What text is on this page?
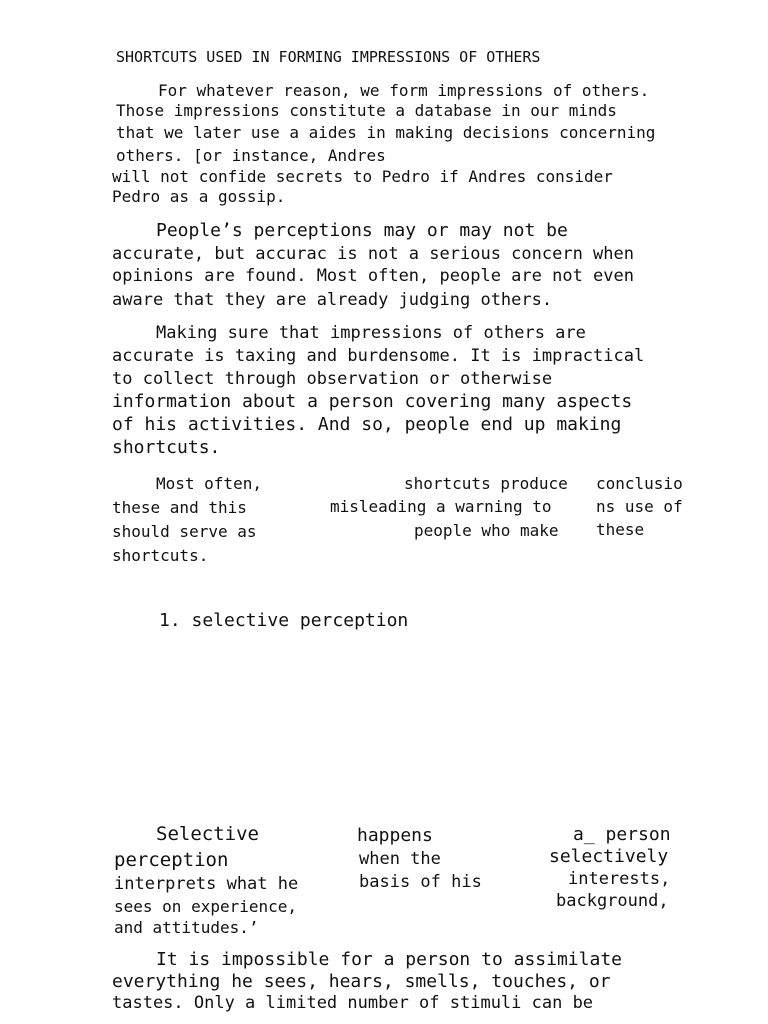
SHORTCUTS USED IN FORMING IMPRESSIONS OF OTHERS
For whatever reason, we form impressions of others.
Those impressions constitute a database in our minds
that we later use a aides in making decisions concerning
others. [or instance, Andres
will not confide secrets to Pedro if Andres consider
Pedro as a gossip.
People’s perceptions may or may not be
accurate, but accurac is not a serious concern when
opinions are found. Most often, people are not even
aware that they are already judging others.
Making sure that impressions of others are
accurate is taxing and burdensome. It is impractical
to collect through observation or otherwise
information about a person covering many aspects
of his activities. And so, people end up making
shortcuts.
Most often,
these and this
should serve as
shortcuts.
shortcuts produce
misleading a warning to
people who make
conclusio
ns use of
these
1. selective perception
Selective
perception
interprets what he
sees on experience,
and attitudes.’
happens
when the
basis of his
a_ person
selectively
interests,
background,
It is impossible for a person to assimilate
everything he sees, hears, smells, touches, or
tastes. Only a limited number of stimuli can be
